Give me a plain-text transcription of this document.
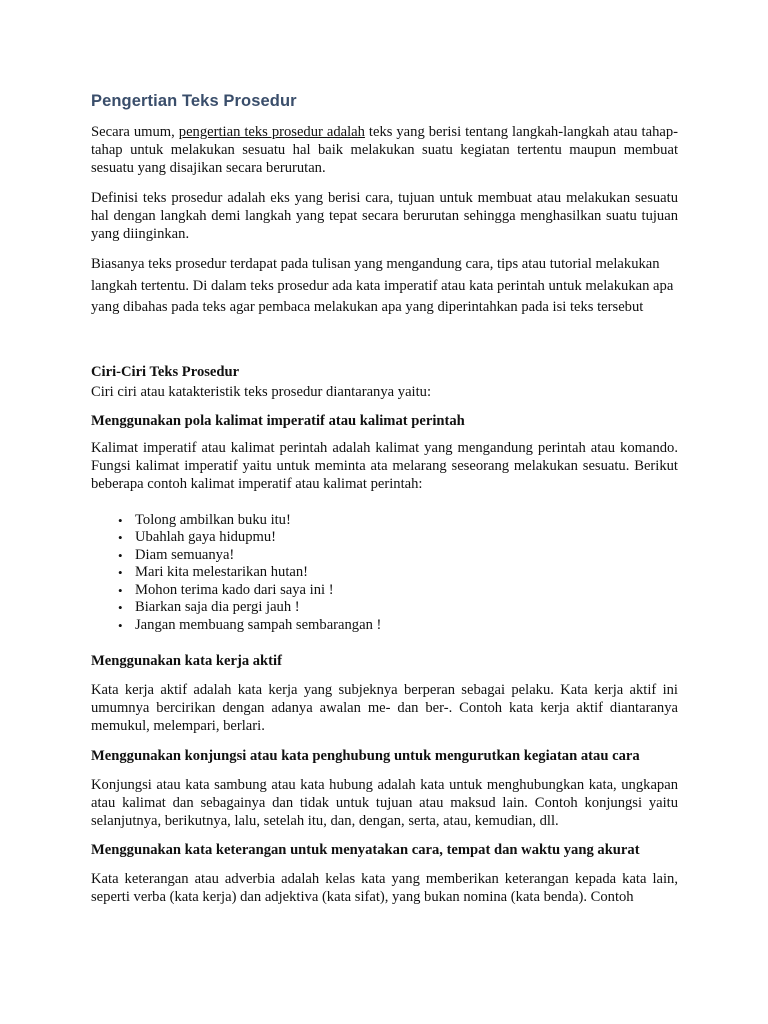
Pengertian Teks Prosedur

Secara umum, pengertian teks prosedur adalah teks yang berisi tentang langkah-langkah atau tahap-tahap untuk melakukan sesuatu hal baik melakukan suatu kegiatan tertentu maupun membuat sesuatu yang disajikan secara berurutan.

Definisi teks prosedur adalah eks yang berisi cara, tujuan untuk membuat atau melakukan sesuatu hal dengan langkah demi langkah yang tepat secara berurutan sehingga menghasilkan suatu tujuan yang diinginkan.

Biasanya teks prosedur terdapat pada tulisan yang mengandung cara, tips atau tutorial melakukan langkah tertentu. Di dalam teks prosedur ada kata imperatif atau kata perintah untuk melakukan apa yang dibahas pada teks agar pembaca melakukan apa yang diperintahkan pada isi teks tersebut

Ciri-Ciri Teks Prosedur

Ciri ciri atau katakteristik teks prosedur diantaranya yaitu:

Menggunakan pola kalimat imperatif atau kalimat perintah

Kalimat imperatif atau kalimat perintah adalah kalimat yang mengandung perintah atau komando. Fungsi kalimat imperatif yaitu untuk meminta ata melarang seseorang melakukan sesuatu. Berikut beberapa contoh kalimat imperatif atau kalimat perintah:

• Tolong ambilkan buku itu!
• Ubahlah gaya hidupmu!
• Diam semuanya!
• Mari kita melestarikan hutan!
• Mohon terima kado dari saya ini !
• Biarkan saja dia pergi jauh !
• Jangan membuang sampah sembarangan !
Menggunakan kata kerja aktif

Kata kerja aktif adalah kata kerja yang subjeknya berperan sebagai pelaku. Kata kerja aktif ini umumnya bercirikan dengan adanya awalan me- dan ber-. Contoh kata kerja aktif diantaranya memukul, melempari, berlari.

Menggunakan konjungsi atau kata penghubung untuk mengurutkan kegiatan atau cara

Konjungsi atau kata sambung atau kata hubung adalah kata untuk menghubungkan kata, ungkapan atau kalimat dan sebagainya dan tidak untuk tujuan atau maksud lain. Contoh konjungsi yaitu selanjutnya, berikutnya, lalu, setelah itu, dan, dengan, serta, atau, kemudian, dll.

Menggunakan kata keterangan untuk menyatakan cara, tempat dan waktu yang akurat

Kata keterangan atau adverbia adalah kelas kata yang memberikan keterangan kepada kata lain, seperti verba (kata kerja) dan adjektiva (kata sifat), yang bukan nomina (kata benda). Contoh
